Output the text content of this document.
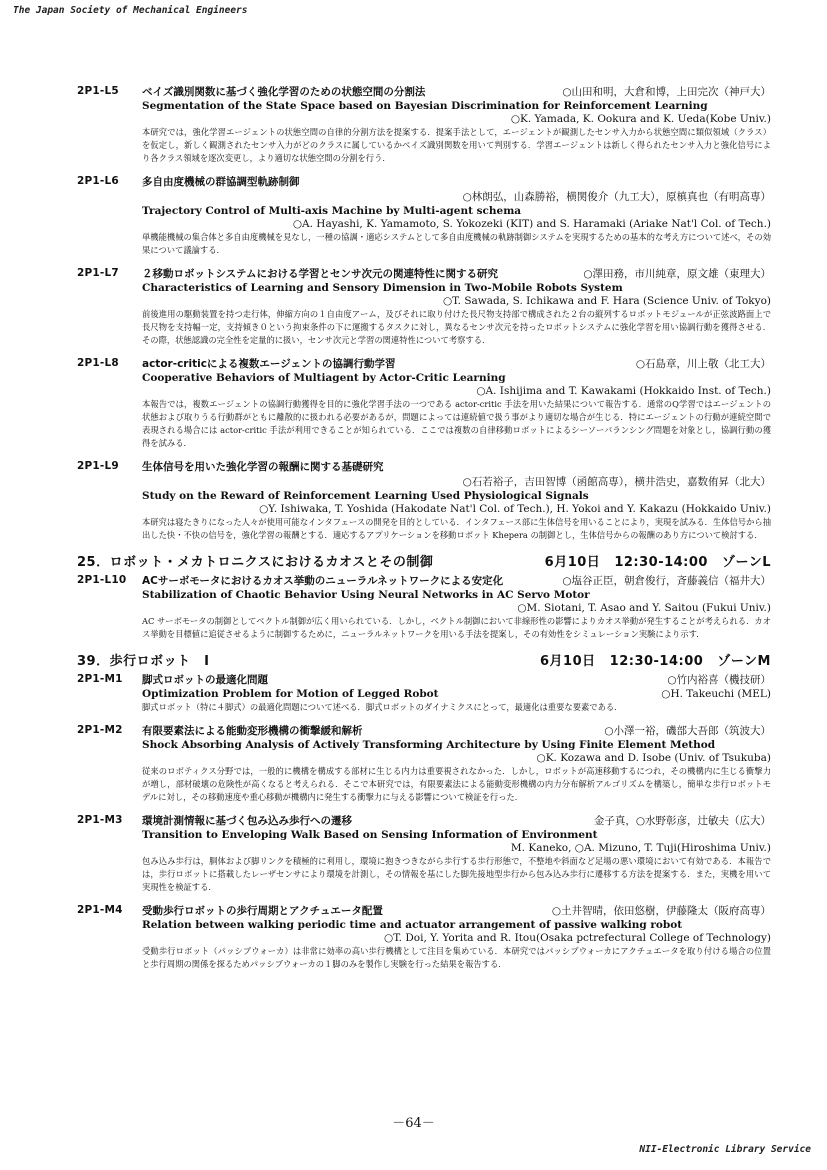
The Japan Society of Mechanical Engineers
2P1-L5 ベイズ識別関数に基づく強化学習のための状態空間の分割法	○山田和明，大倉和博，上田完次（神戸大）
Segmentation of the State Space based on Bayesian Discrimination for Reinforcement Learning
○K. Yamada, K. Ookura and K. Ueda(Kobe Univ.)
本研究では，強化学習エージェントの状態空間の自律的分割方法を提案する．提案手法として，エージェントが観測したセンサ入力から状態空間に類似領域（クラス）を仮定し，新しく観測されたセンサ入力がどのクラスに属しているかベイズ識別関数を用いて判別する．学習エージェントは新しく得られたセンサ入力と強化信号により各クラス領域を逐次変更し，より適切な状態空間の分割を行う．
2P1-L6 多自由度機械の群協調型軌跡制御
○林朗弘，山森勝裕，横関俊介（九工大），原槙真也（有明高専）
Trajectory Control of Multi-axis Machine by Multi-agent schema
○A. Hayashi, K. Yamamoto, S. Yokozeki (KIT) and S. Haramaki (Ariake Nat'l Col. of Tech.)
単機能機械の集合体と多自由度機械を見なし，一種の協調・適応システムとして多自由度機械の軌跡制御システムを実現するための基本的な考え方について述べ，その効果について議論する．
2P1-L7 ２移動ロボットシステムにおける学習とセンサ次元の関連特性に関する研究	○澤田務，市川純章，原文雄（東理大）
Characteristics of Learning and Sensory Dimension in Two-Mobile Robots System
○T. Sawada, S. Ichikawa and F. Hara (Science Univ. of Tokyo)
前後進用の駆動装置を持つ走行体，伸縮方向の１自由度アーム，及びそれに取り付けた長尺物支持部で構成された２台の縦列するロボットモジュールが正弦波路面上で長尺物を支持幅一定，支持傾き０という拘束条件の下に運搬するタスクに対し，異なるセンサ次元を持ったロボットシステムに強化学習を用い協調行動を獲得させる．その際，状態認識の完全性を定量的に扱い，センサ次元と学習の関連特性について考察する．
2P1-L8 actor-criticによる複数エージェントの協調行動学習	○石島章，川上敬（北工大）
Cooperative Behaviors of Multiagent by Actor-Critic Learning
○A. Ishijima and T. Kawakami (Hokkaido Inst. of Tech.)
本報告では，複数エージェントの協調行動獲得を目的に強化学習手法の一つである actor-critic 手法を用いた結果について報告する．通常のQ学習ではエージェントの状態および取りうる行動群がともに離散的に扱われる必要があるが，問題によっては連続値で扱う事がより適切な場合が生じる．特にエージェントの行動が連続空間で表現される場合には actor-critic 手法が利用できることが知られている．ここでは複数の自律移動ロボットによるシーソーバランシング問題を対象とし，協調行動の獲得を試みる．
2P1-L9 生体信号を用いた強化学習の報酬に関する基礎研究
○石若裕子，吉田智博（函館高専），横井浩史，嘉数侑昇（北大）
Study on the Reward of Reinforcement Learning Used Physiological Signals
○Y. Ishiwaka, T. Yoshida (Hakodate Nat'l Col. of Tech.), H. Yokoi and Y. Kakazu (Hokkaido Univ.)
本研究は寝たきりになった人々が使用可能なインタフェースの開発を目的としている．インタフェース部に生体信号を用いることにより，実現を試みる．生体信号から抽出した快・不快の信号を，強化学習の報酬とする．適応するアプリケーションを移動ロボット Khepera の制御とし，生体信号からの報酬のあり方について検討する．
25．ロボット・メカトロニクスにおけるカオスとその制御	6月10日 12:30-14:00 ゾーンL
2P1-L10 ACサーボモータにおけるカオス挙動のニューラルネットワークによる安定化	○塩谷正臣，朝倉俊行，斉藤義信（福井大）
Stabilization of Chaotic Behavior Using Neural Networks in AC Servo Motor
○M. Siotani, T. Asao and Y. Saitou (Fukui Univ.)
AC サーボモータの制御としてベクトル制御が広く用いられている．しかし，ベクトル制御において非線形性の影響によりカオス挙動が発生することが考えられる．カオス挙動を目標値に追従させるように制御するために，ニューラルネットワークを用いる手法を提案し，その有効性をシミュレーション実験により示す．
39．歩行ロボット　Ⅰ	6月10日 12:30-14:00 ゾーンM
2P1-M1 脚式ロボットの最適化問題	○竹内裕喜（機技研）
Optimization Problem for Motion of Legged Robot	○H. Takeuchi (MEL)
脚式ロボット（特に４脚式）の最適化問題について述べる．脚式ロボットのダイナミクスにとって，最適化は重要な要素である．
2P1-M2 有限要素法による能動変形機構の衝撃緩和解析	○小澤一裕，磯部大吾郎（筑波大）
Shock Absorbing Analysis of Actively Transforming Architecture by Using Finite Element Method
○K. Kozawa and D. Isobe (Univ. of Tsukuba)
従来のロボティクス分野では，一般的に機構を構成する部材に生じる内力は重要視されなかった．しかし，ロボットが高速移動するにつれ，その機構内に生じる衝撃力が増し，部材破壊の危険性が高くなると考えられる．そこで本研究では，有限要素法による能動変形機構の内力分布解析アルゴリズムを構築し，簡単な歩行ロボットモデルに対し，その移動速度や重心移動が機構内に発生する衝撃力に与える影響について検証を行った．
2P1-M3 環境計測情報に基づく包み込み歩行への遷移	金子真，○水野彰彦，辻敏夫（広大）
Transition to Enveloping Walk Based on Sensing Information of Environment
M. Kaneko, ○A. Mizuno, T. Tuji(Hiroshima Univ.)
包み込み歩行は，胴体および脚リンクを積極的に利用し，環境に抱きつきながら歩行する歩行形態で，不整地や斜面など足場の悪い環境において有効である．本報告では，歩行ロボットに搭載したレーザセンサにより環境を計測し，その情報を基にした脚先接地型歩行から包み込み歩行に遷移する方法を提案する．また，実機を用いて実現性を検証する．
2P1-M4 受動歩行ロボットの歩行周期とアクチュエータ配置	○土井智晴，依田悠樹，伊藤隆太（阪府高専）
Relation between walking periodic time and actuator arrangement of passive walking robot
○T. Doi, Y. Yorita and R. Itou(Osaka pctrefectural College of Technology)
受動歩行ロボット（パッシブウォーカ）は非常に効率の高い歩行機構として注目を集めている．本研究ではパッシブウォーカにアクチュエータを取り付ける場合の位置と歩行周期の関係を探るためパッシブウォーカの１脚のみを製作し実験を行った結果を報告する．
－64－
NII-Electronic Library Service
